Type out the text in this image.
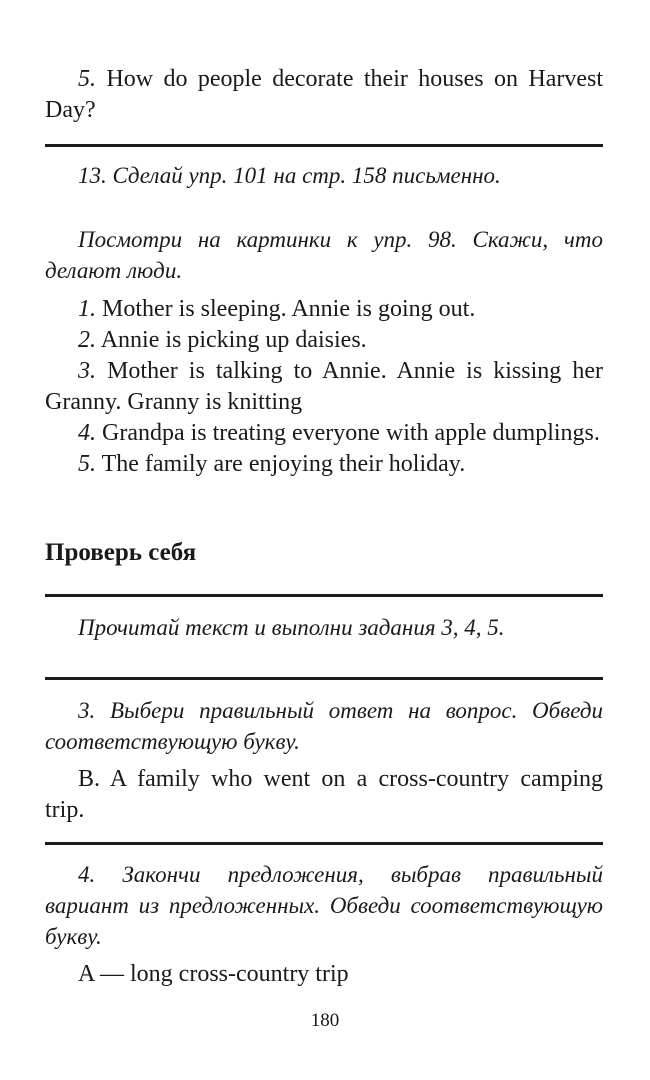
5. How do people decorate their houses on Harvest Day?

13. Сделай упр. 101 на стр. 158 письменно.

Посмотри на картинки к упр. 98. Скажи, что делают люди.

1. Mother is sleeping. Annie is going out.

2. Annie is picking up daisies.

3. Mother is talking to Annie. Annie is kissing her Granny. Granny is knitting

4. Grandpa is treating everyone with apple dumplings.

5. The family are enjoying their holiday.

Проверь себя

Прочитай текст и выполни задания 3, 4, 5.

3. Выбери правильный ответ на вопрос. Обведи соответствующую букву.

B. A family who went on a cross-country camping trip.

4. Закончи предложения, выбрав правильный вариант из предложенных. Обведи соответствующую букву.

A — long cross-country trip

180
